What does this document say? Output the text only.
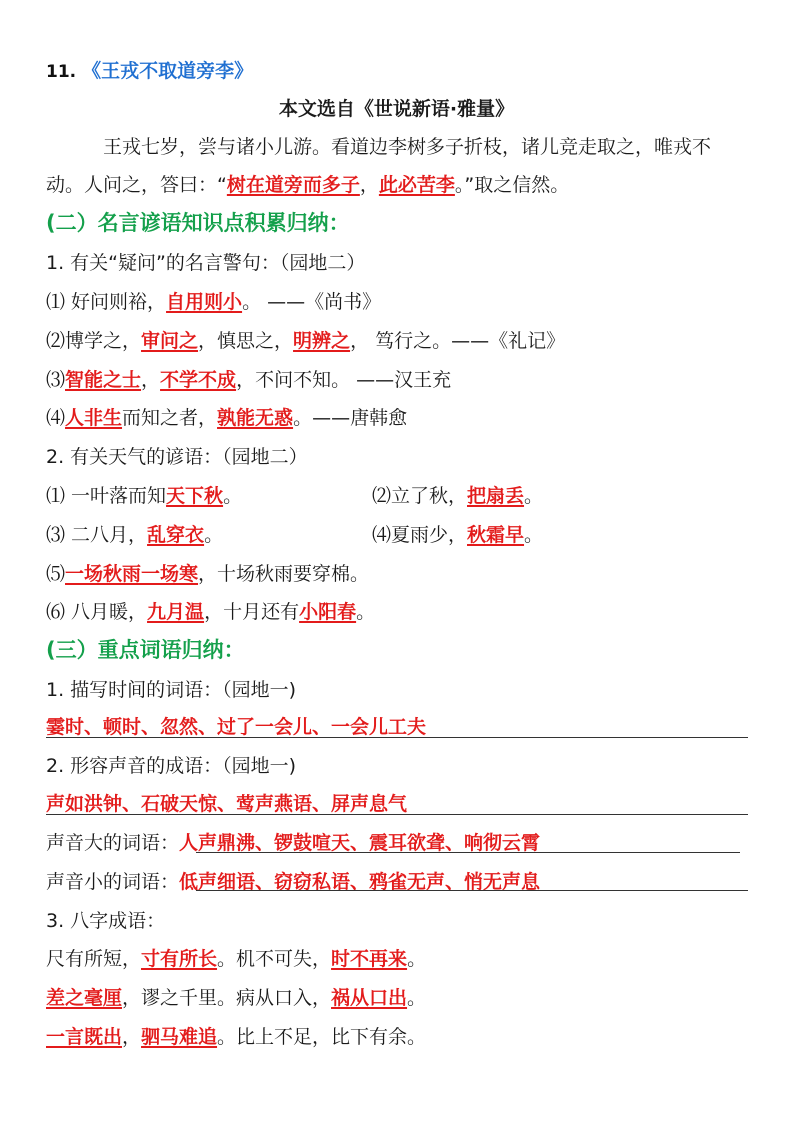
11. 《王戎不取道旁李》
本文选自《世说新语·雅量》
王戎七岁，尝与诸小儿游。看道边李树多子折枝，诸儿竞走取之，唯戎不动。人问之，答曰：“树在道旁而多子，此必苦李。”取之信然。
(二）名言谚语知识点积累归纳：
1. 有关“疑问”的名言警句：（园地二）
⑴ 好问则裕，自用则小。 ——《尚书》
⑵博学之，审问之，慎思之，明辨之， 笃行之。——《礼记》
⑶智能之士，不学不成，不问不知。 ——汉王充
⑷人非生而知之者，孰能无惑。——唐韩愈
2. 有关天气的谚语：（园地二）
⑴ 一叶落而知天下秋。	⑵立了秋，把扇丢。
⑶ 二八月，乱穿衣。	⑷夏雨少，秋霜早。
⑸一场秋雨一场寒，十场秋雨要穿棉。
⑹ 八月暖，九月温，十月还有小阳春。
(三）重点词语归纳：
1. 描写时间的词语：（园地一)
霎时、顿时、忽然、过了一会儿、一会儿工夫
2. 形容声音的成语：（园地一)
声如洪钟、石破天惊、莺声燕语、屏声息气
声音大的词语：人声鼎沸、锣鼓喧天、震耳欲聋、响彻云霄
声音小的词语：低声细语、窃窃私语、鸦雀无声、悄无声息
3. 八字成语：
尺有所短，寸有所长。机不可失，时不再来。
差之毫厘，谬之千里。病从口入，祸从口出。
一言既出，驷马难追。比上不足，比下有余。
